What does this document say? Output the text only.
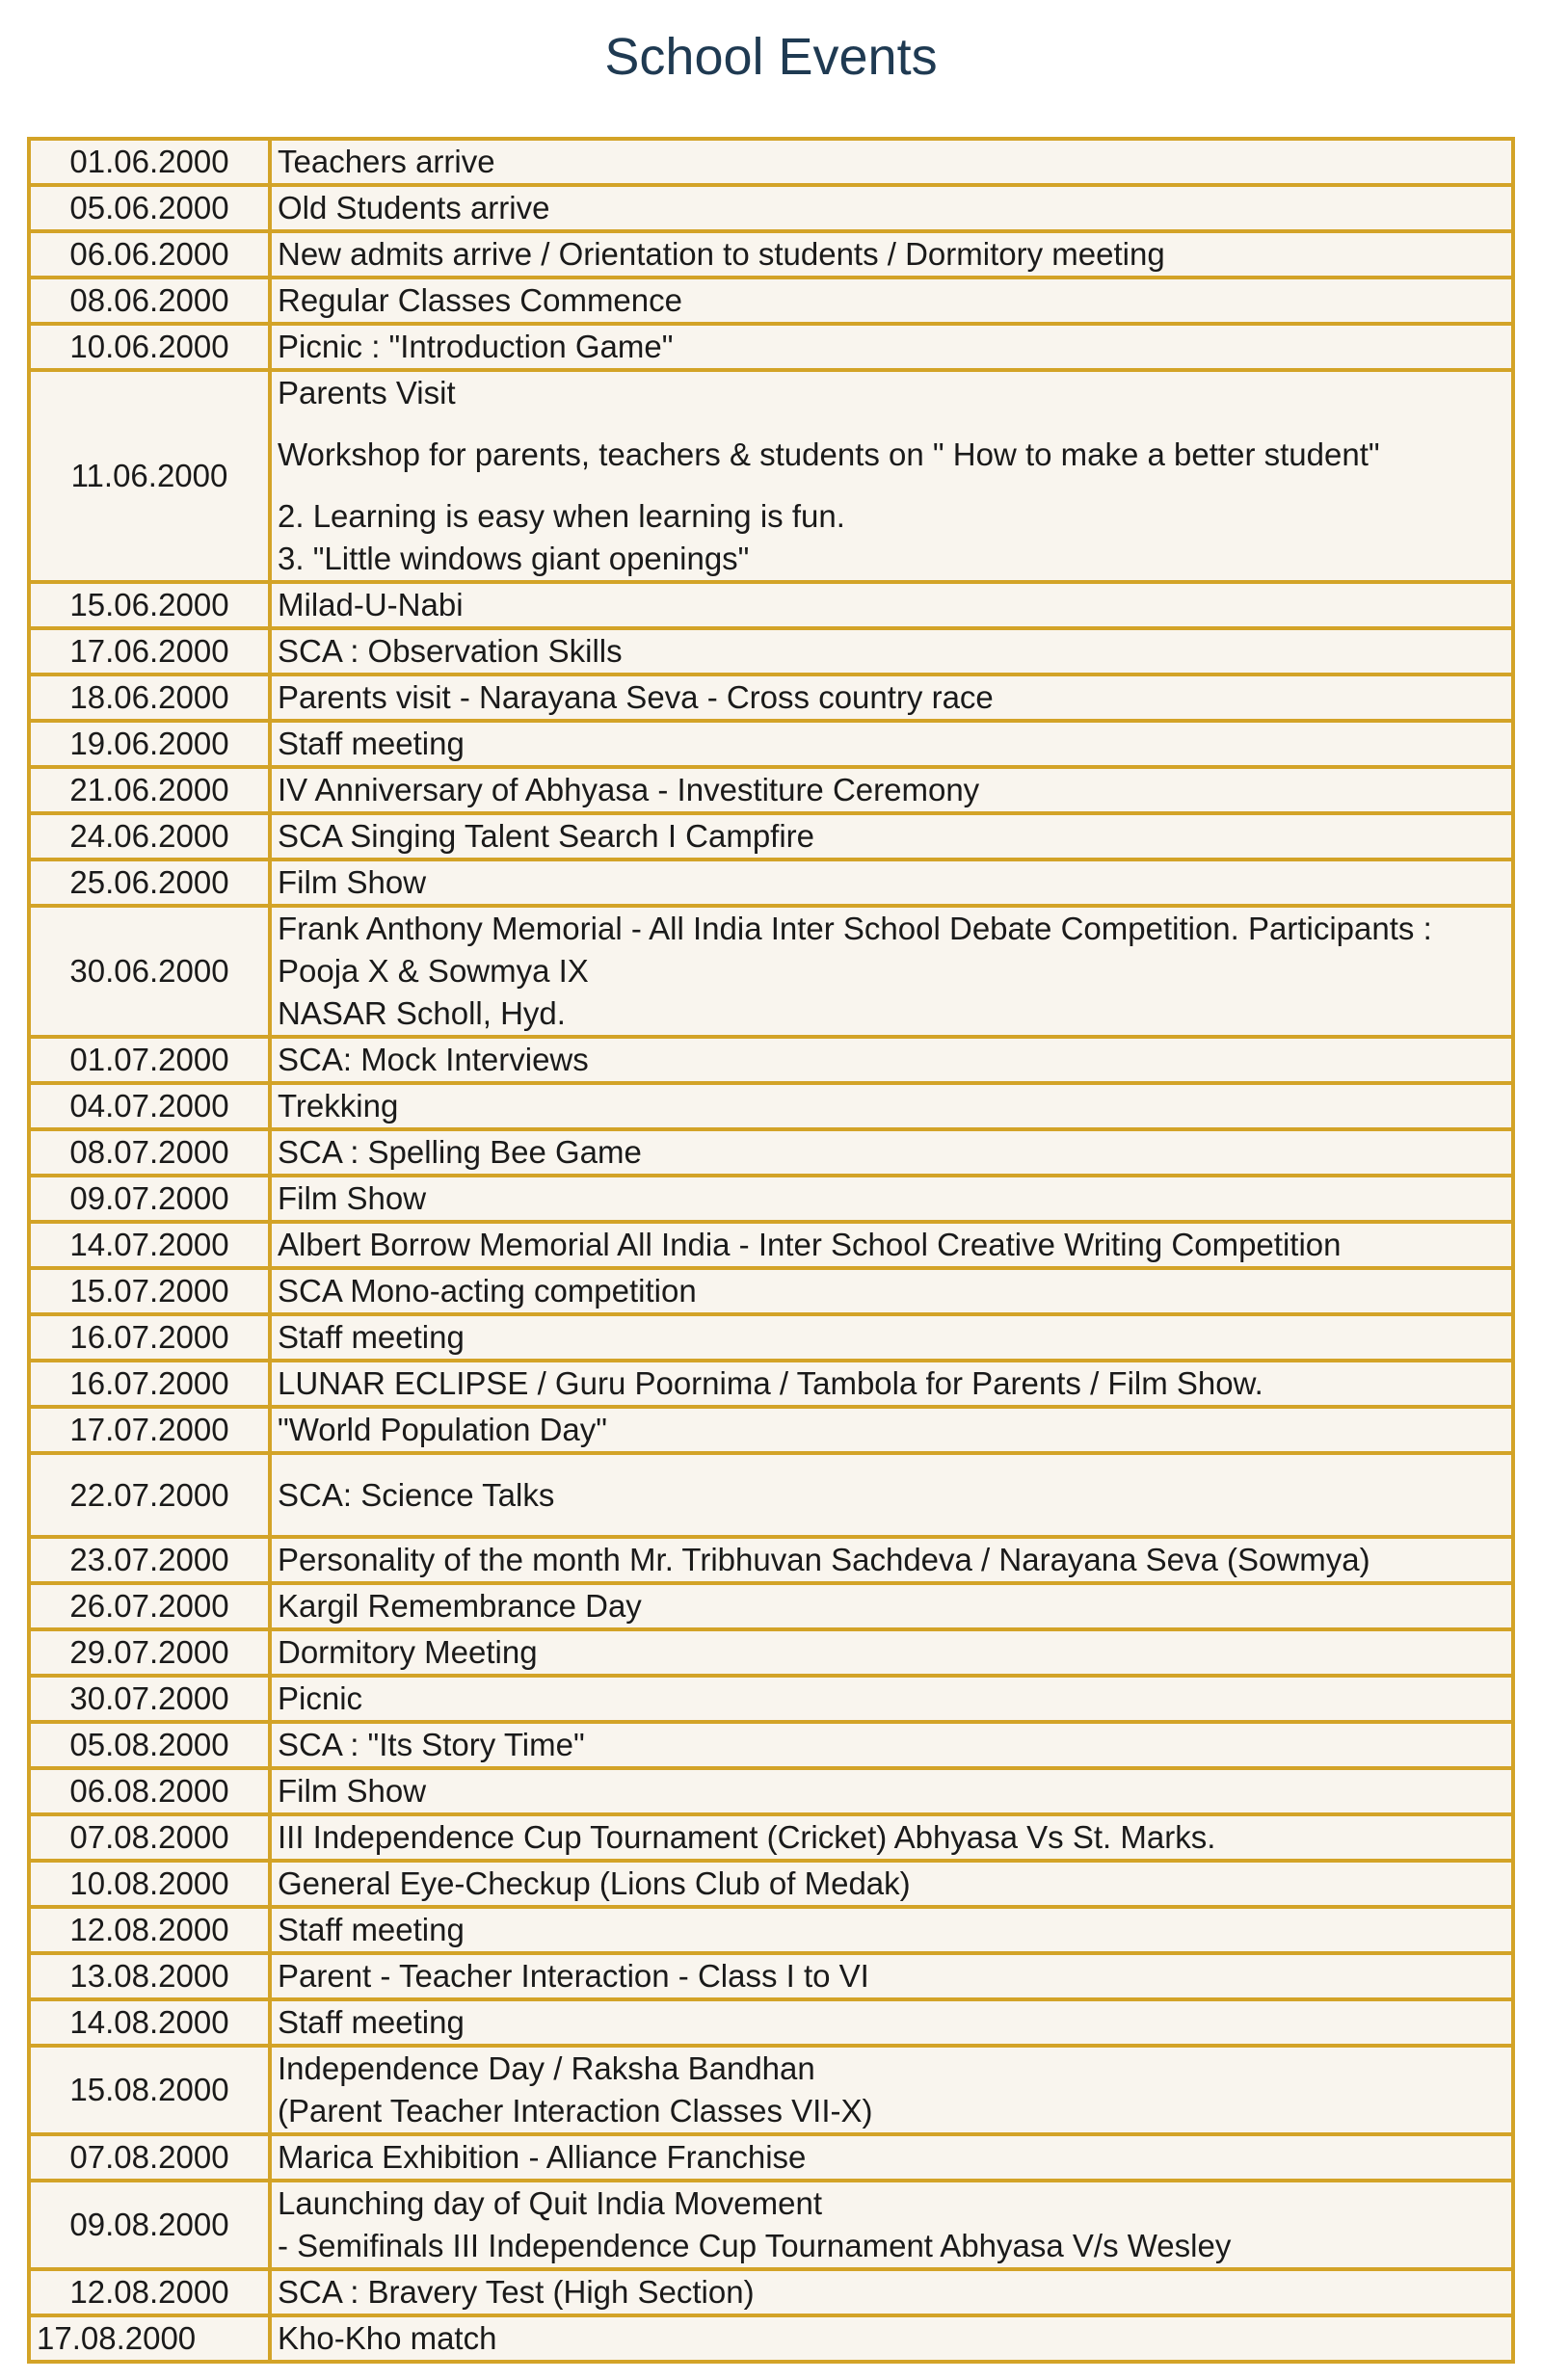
School Events
01.06.2000	Teachers arrive

05.06.2000	Old Students arrive

06.06.2000	New admits arrive / Orientation to students / Dormitory meeting

08.06.2000	Regular Classes Commence

10.06.2000	Picnic : "Introduction Game"

11.06.2000	Parents Visit
Workshop for parents, teachers & students on " How to make a better student"
2. Learning is easy when learning is fun.
3. "Little windows giant openings"

15.06.2000	Milad-U-Nabi

17.06.2000	SCA : Observation Skills

18.06.2000	Parents visit - Narayana Seva - Cross country race

19.06.2000	Staff meeting

21.06.2000	IV Anniversary of Abhyasa - Investiture Ceremony

24.06.2000	SCA Singing Talent Search I Campfire

25.06.2000	Film Show

30.06.2000	Frank Anthony Memorial - All India Inter School Debate Competition. Participants :
Pooja X & Sowmya IX
NASAR Scholl, Hyd.

01.07.2000	SCA: Mock Interviews

04.07.2000	Trekking

08.07.2000	SCA : Spelling Bee Game

09.07.2000	Film Show

14.07.2000	Albert Borrow Memorial All India - Inter School Creative Writing Competition

15.07.2000	SCA Mono-acting competition

16.07.2000	Staff meeting

16.07.2000	LUNAR ECLIPSE / Guru Poornima / Tambola for Parents / Film Show.

17.07.2000	"World Population Day"

22.07.2000	SCA: Science Talks

23.07.2000	Personality of the month Mr. Tribhuvan Sachdeva / Narayana Seva (Sowmya)

26.07.2000	Kargil Remembrance Day

29.07.2000	Dormitory Meeting

30.07.2000	Picnic

05.08.2000	SCA : "Its Story Time"

06.08.2000	Film Show

07.08.2000	III Independence Cup Tournament (Cricket) Abhyasa Vs St. Marks.

10.08.2000	General Eye-Checkup (Lions Club of Medak)

12.08.2000	Staff meeting

13.08.2000	Parent - Teacher Interaction - Class I to VI

14.08.2000	Staff meeting

15.08.2000	Independence Day / Raksha Bandhan
(Parent Teacher Interaction Classes VII-X)

07.08.2000	Marica Exhibition - Alliance Franchise

09.08.2000	Launching day of Quit India Movement
- Semifinals III Independence Cup Tournament Abhyasa V/s Wesley

12.08.2000	SCA : Bravery Test (High Section)

17.08.2000	Kho-Kho match
